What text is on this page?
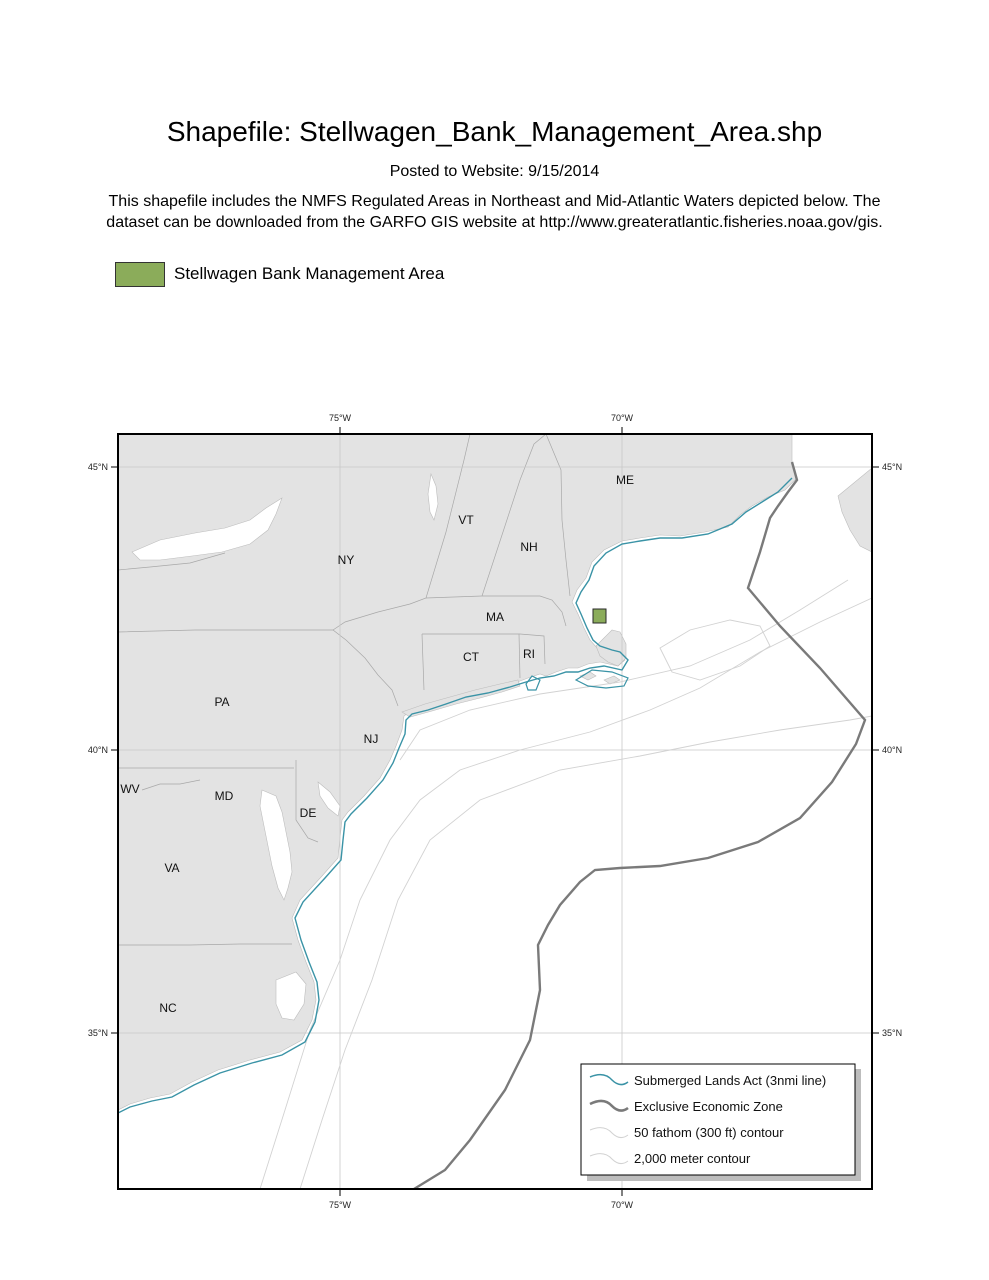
Shapefile: Stellwagen_Bank_Management_Area.shp
Posted to Website: 9/15/2014
This shapefile includes the NMFS Regulated Areas in Northeast and Mid-Atlantic Waters depicted below. The
dataset can be downloaded from the GARFO GIS website at http://www.greateratlantic.fisheries.noaa.gov/gis.
Stellwagen Bank Management Area
75°W	70°W
75°W	70°W
45°N
40°N
35°N
45°N
40°N
35°N
ME
VT
NH
NY
MA
CT	RI
PA
NJ
WV	MD
DE
VA
NC
Submerged Lands Act (3nmi line)
Exclusive Economic Zone
50 fathom (300 ft) contour
2,000 meter contour
